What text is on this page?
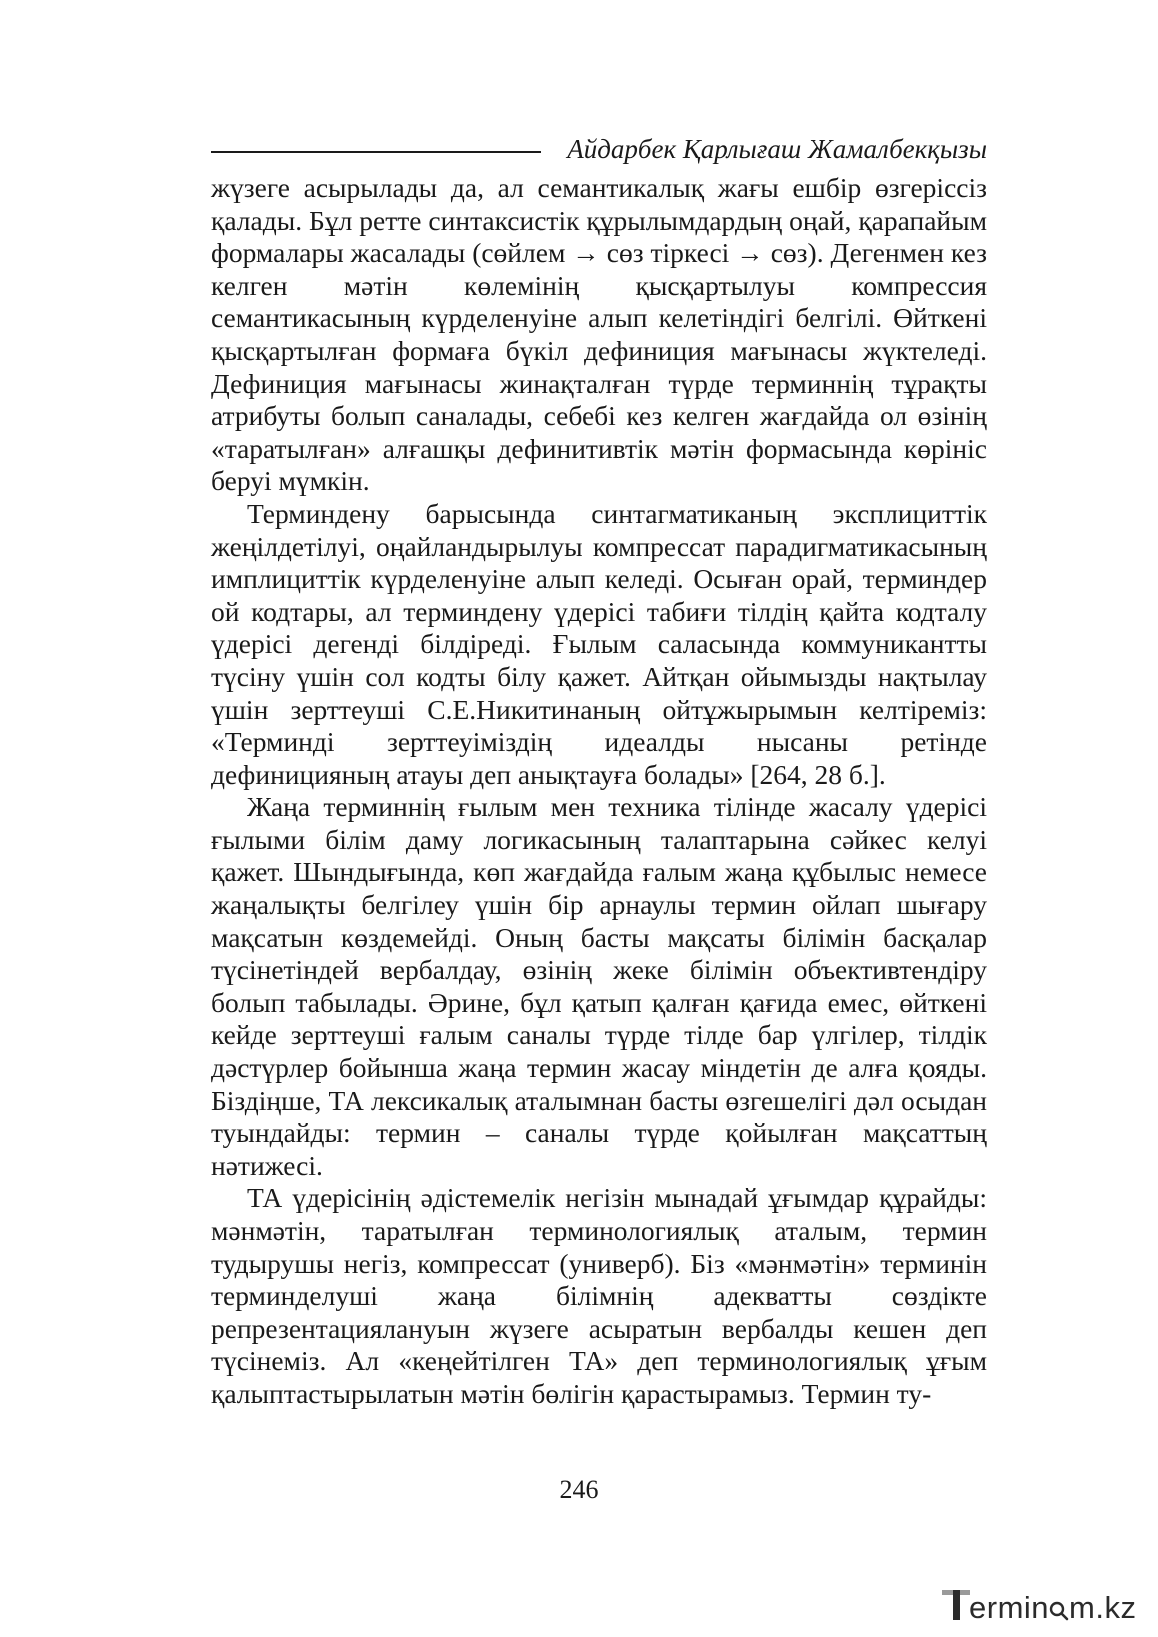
Айдарбек Қарлығаш Жамалбекқызы

жүзеге асырылады да, ал семантикалық жағы ешбір өзгеріссіз қалады. Бұл ретте синтаксистік құрылымдардың оңай, қарапайым формалары жасалады (сөйлем → сөз тіркесі → сөз). Дегенмен кез келген мәтін көлемінің қысқартылуы компрессия семантикасының күрделенуіне алып келетіндігі белгілі. Өйткені қысқартылған формаға бүкіл дефиниция мағынасы жүктеледі. Дефиниция мағынасы жинақталған түрде терминнің тұрақты атрибуты болып саналады, себебі кез келген жағдайда ол өзінің «таратылған» алғашқы дефинитивтік мәтін формасында көрініс беруі мүмкін.

Терминдену барысында синтагматиканың эксплициттік жеңілдетілуі, оңайландырылуы компрессат парадигматикасының имплициттік күрделенуіне алып келеді. Осыған орай, терминдер ой кодтары, ал терминдену үдерісі табиғи тілдің қайта кодталу үдерісі дегенді білдіреді. Ғылым саласында коммуникантты түсіну үшін сол кодты білу қажет. Айтқан ойымызды нақтылау үшін зерттеуші С.Е.Никитинаның ойтұжырымын келтіреміз: «Терминді зерттеуіміздің идеалды нысаны ретінде дефиницияның атауы деп анықтауға болады» [264, 28 б.].

Жаңа терминнің ғылым мен техника тілінде жасалу үдерісі ғылыми білім даму логикасының талаптарына сәйкес келуі қажет. Шындығында, көп жағдайда ғалым жаңа құбылыс немесе жаңалықты белгілеу үшін бір арнаулы термин ойлап шығару мақсатын көздемейді. Оның басты мақсаты білімін басқалар түсінетіндей вербалдау, өзінің жеке білімін объективтендіру болып табылады. Әрине, бұл қатып қалған қағида емес, өйткені кейде зерттеуші ғалым саналы түрде тілде бар үлгілер, тілдік дәстүрлер бойынша жаңа термин жасау міндетін де алға қояды. Біздіңше, ТА лексикалық аталымнан басты өзгешелігі дәл осыдан туындайды: термин – саналы түрде қойылған мақсаттың нәтижесі.

ТА үдерісінің әдістемелік негізін мынадай ұғымдар құрайды: мәнмәтін, таратылған терминологиялық аталым, термин тудырушы негіз, компрессат (универб). Біз «мәнмәтін» терминін терминделуші жаңа білімнің адекватты сөздікте репрезентациялануын жүзеге асыратын вербалды кешен деп түсінеміз. Ал «кеңейтілген ТА» деп терминологиялық ұғым қалыптастырылатын мәтін бөлігін қарастырамыз. Термин ту-

246
ermin m.kz
